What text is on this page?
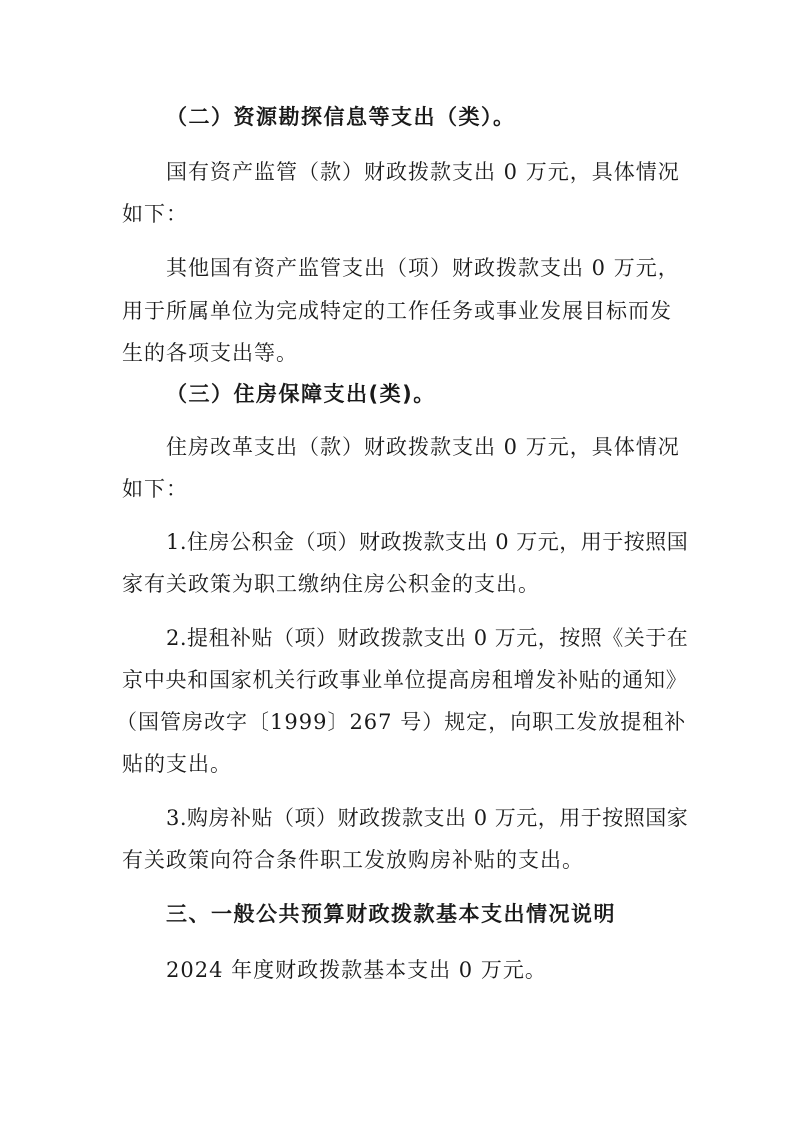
（二）资源勘探信息等支出（类）。
国有资产监管（款）财政拨款支出 0 万元，具体情况
如下：
其他国有资产监管支出（项）财政拨款支出 0 万元，
用于所属单位为完成特定的工作任务或事业发展目标而发
生的各项支出等。
（三）住房保障支出(类)。
住房改革支出（款）财政拨款支出 0 万元，具体情况
如下：
1.住房公积金（项）财政拨款支出 0 万元，用于按照国
家有关政策为职工缴纳住房公积金的支出。
2.提租补贴（项）财政拨款支出 0 万元，按照《关于在
京中央和国家机关行政事业单位提高房租增发补贴的通知》
（国管房改字〔1999〕267 号）规定，向职工发放提租补
贴的支出。
3.购房补贴（项）财政拨款支出 0 万元，用于按照国家
有关政策向符合条件职工发放购房补贴的支出。
三、一般公共预算财政拨款基本支出情况说明
2024 年度财政拨款基本支出 0 万元。
